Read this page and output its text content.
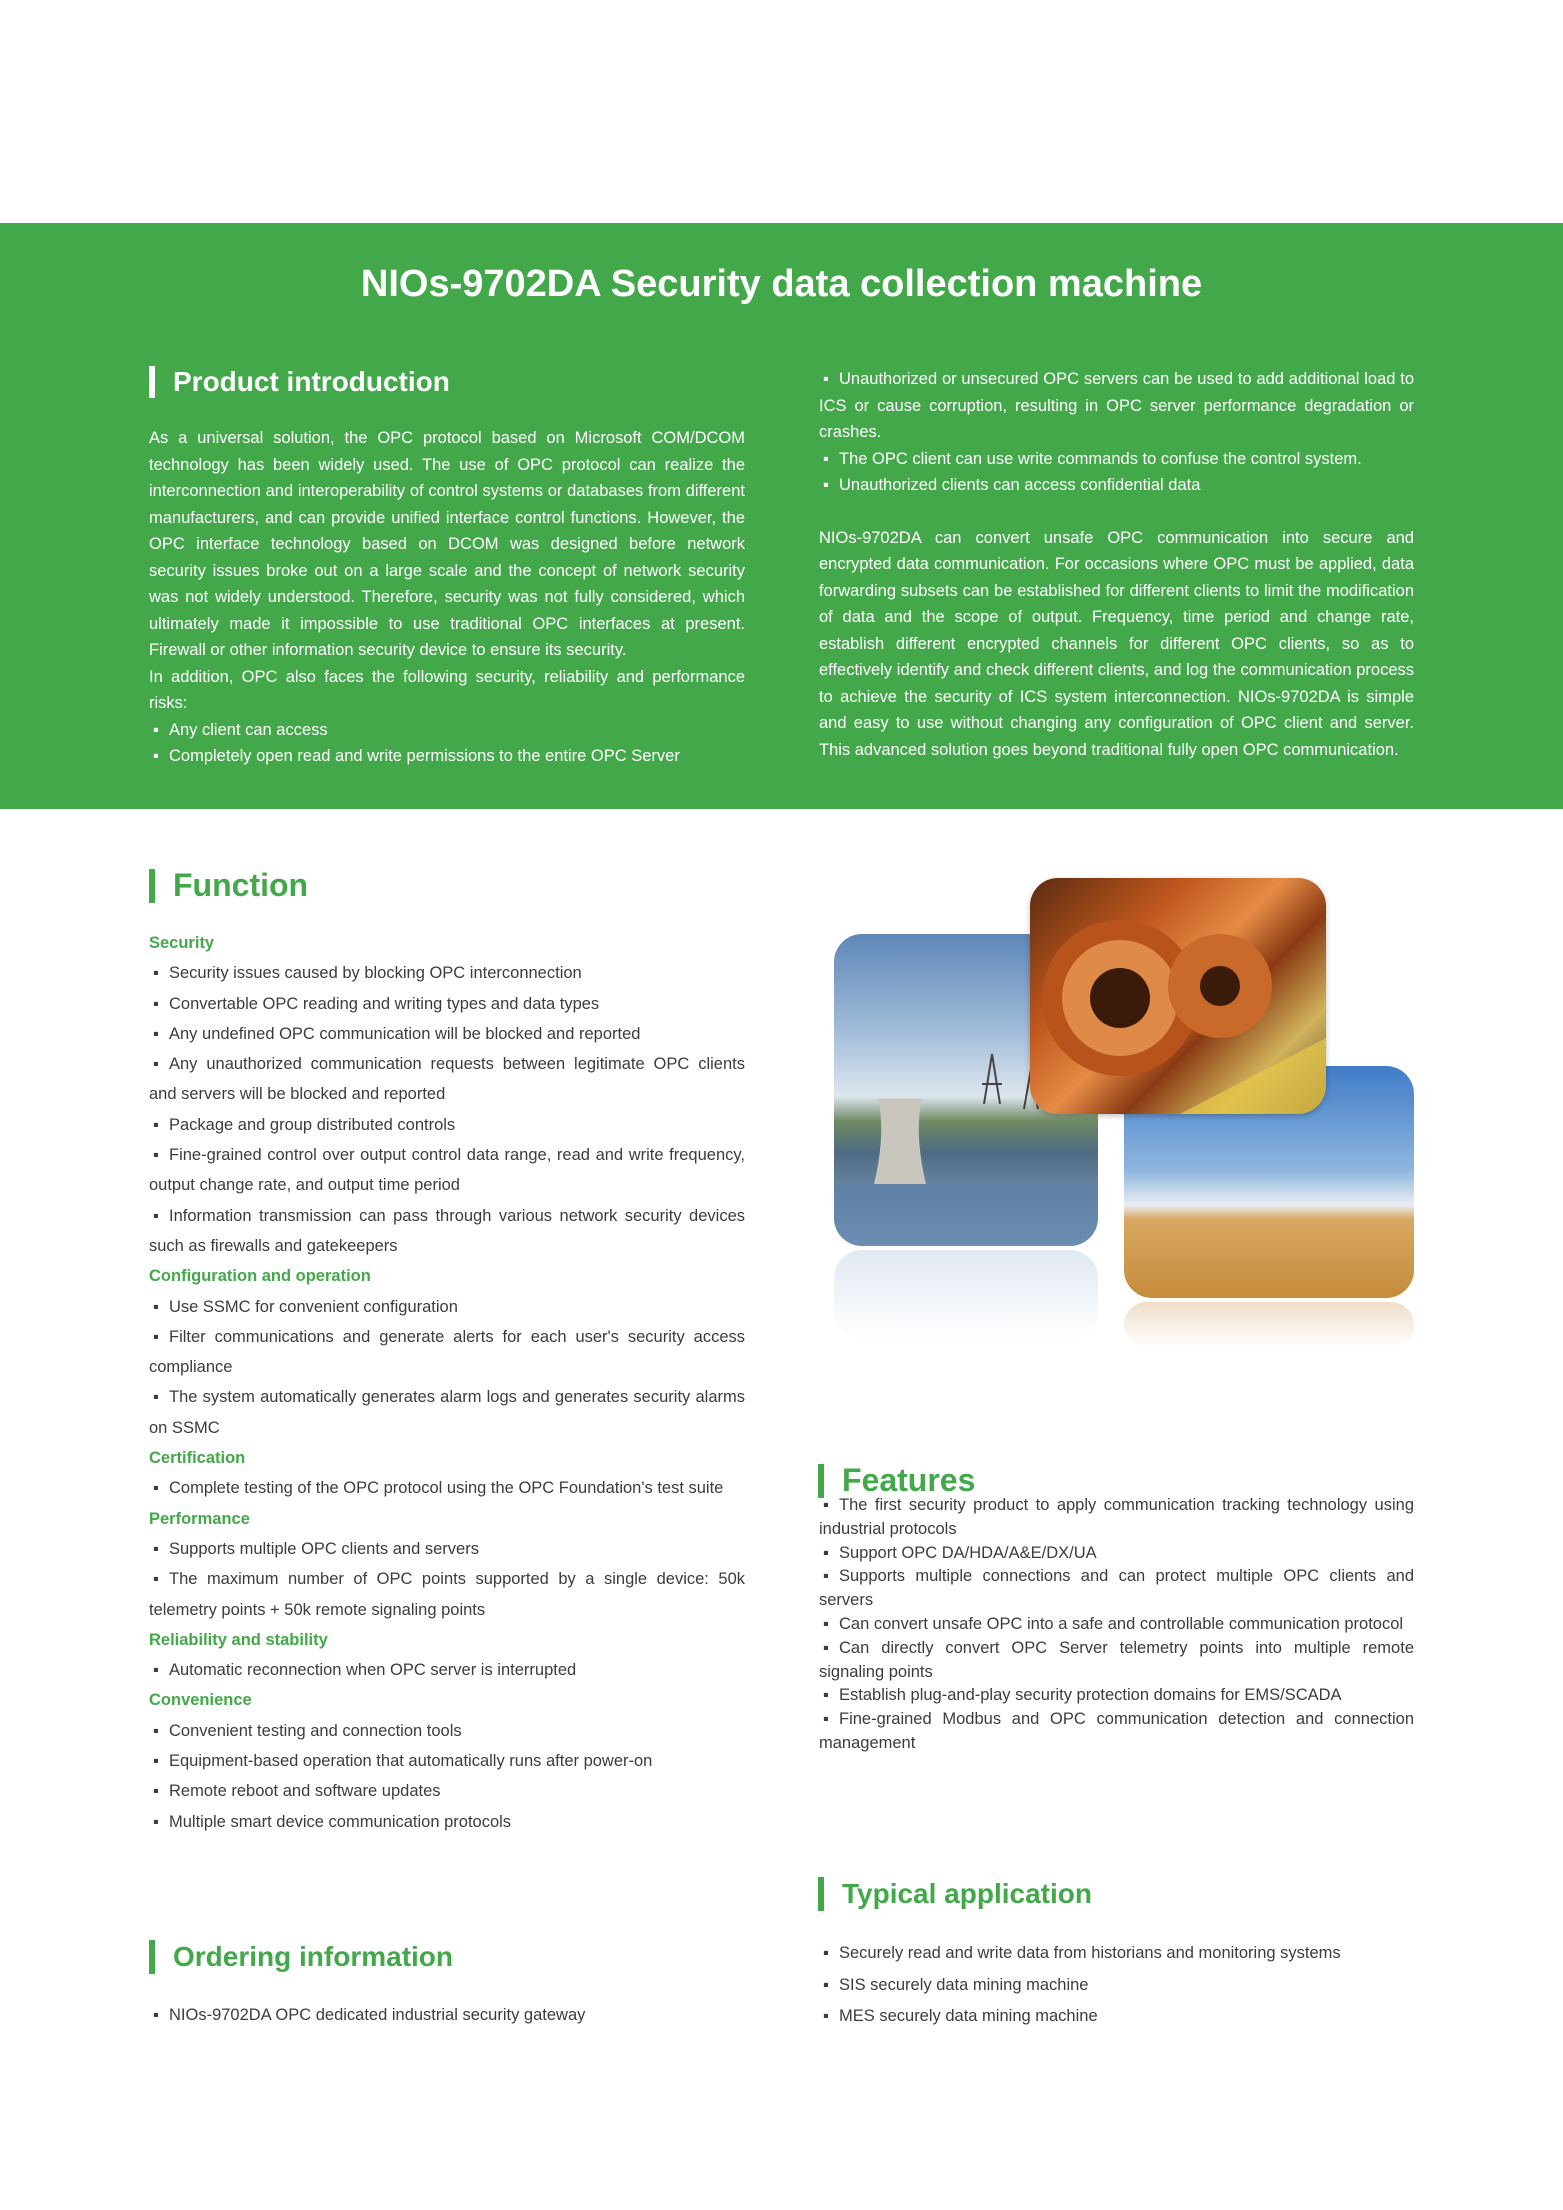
NIOs-9702DA Security data collection machine
Product introduction

As a universal solution, the OPC protocol based on Microsoft COM/DCOM technology has been widely used. The use of OPC protocol can realize the interconnection and interoperability of control systems or databases from different manufacturers, and can provide unified interface control functions. However, the OPC interface technology based on DCOM was designed before network security issues broke out on a large scale and the concept of network security was not widely understood. Therefore, security was not fully considered, which ultimately made it impossible to use traditional OPC interfaces at present. Firewall or other information security device to ensure its security.

In addition, OPC also faces the following security, reliability and performance risks:

▪ Any client can access

▪ Completely open read and write permissions to the entire OPC Server

▪ Unauthorized or unsecured OPC servers can be used to add additional load to ICS or cause corruption, resulting in OPC server performance degradation or crashes.

▪ The OPC client can use write commands to confuse the control system.

▪ Unauthorized clients can access confidential data

NIOs-9702DA can convert unsafe OPC communication into secure and encrypted data communication. For occasions where OPC must be applied, data forwarding subsets can be established for different clients to limit the modification of data and the scope of output. Frequency, time period and change rate, establish different encrypted channels for different OPC clients, so as to effectively identify and check different clients, and log the communication process to achieve the security of ICS system interconnection. NIOs-9702DA is simple and easy to use without changing any configuration of OPC client and server. This advanced solution goes beyond traditional fully open OPC communication.

Function
Security
▪ Security issues caused by blocking OPC interconnection
▪ Convertable OPC reading and writing types and data types
▪ Any undefined OPC communication will be blocked and reported
▪ Any unauthorized communication requests between legitimate OPC clients and servers will be blocked and reported
▪ Package and group distributed controls
▪ Fine-grained control over output control data range, read and write frequency, output change rate, and output time period
▪ Information transmission can pass through various network security devices such as firewalls and gatekeepers
Configuration and operation
▪ Use SSMC for convenient configuration
▪ Filter communications and generate alerts for each user's security access compliance
▪ The system automatically generates alarm logs and generates security alarms on SSMC
Certification
▪ Complete testing of the OPC protocol using the OPC Foundation's test suite
Performance
▪ Supports multiple OPC clients and servers
▪ The maximum number of OPC points supported by a single device: 50k telemetry points + 50k remote signaling points
Reliability and stability
▪ Automatic reconnection when OPC server is interrupted
Convenience
▪ Convenient testing and connection tools
▪ Equipment-based operation that automatically runs after power-on
▪ Remote reboot and software updates
▪ Multiple smart device communication protocols
Features
▪ The first security product to apply communication tracking technology using industrial protocols
▪ Support OPC DA/HDA/A&E/DX/UA
▪ Supports multiple connections and can protect multiple OPC clients and servers
▪ Can convert unsafe OPC into a safe and controllable communication protocol
▪ Can directly convert OPC Server telemetry points into multiple remote signaling points
▪ Establish plug-and-play security protection domains for EMS/SCADA
▪ Fine-grained Modbus and OPC communication detection and connection management
Typical application
▪ Securely read and write data from historians and monitoring systems
▪ SIS securely data mining machine
▪ MES securely data mining machine
Ordering information
▪ NIOs-9702DA OPC dedicated industrial security gateway
